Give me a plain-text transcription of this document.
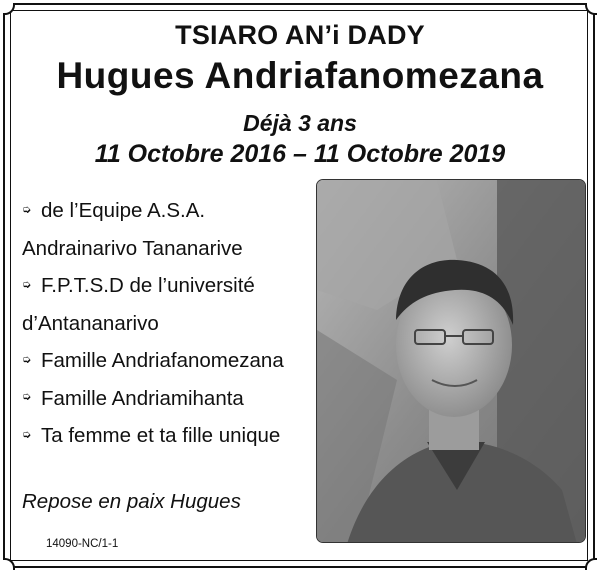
TSIARO AN’i DADY
Hugues Andriafanomezana
Déjà 3 ans
11 Octobre 2016 – 11 Octobre 2019
➭ de l’Equipe A.S.A.
Andrainarivo Tananarive
➭ F.P.T.S.D de l’université
d’Antananarivo
➭ Famille Andriafanomezana
➭ Famille Andriamihanta
➭ Ta femme et ta fille unique
Repose en paix Hugues
14090-NC/1-1
